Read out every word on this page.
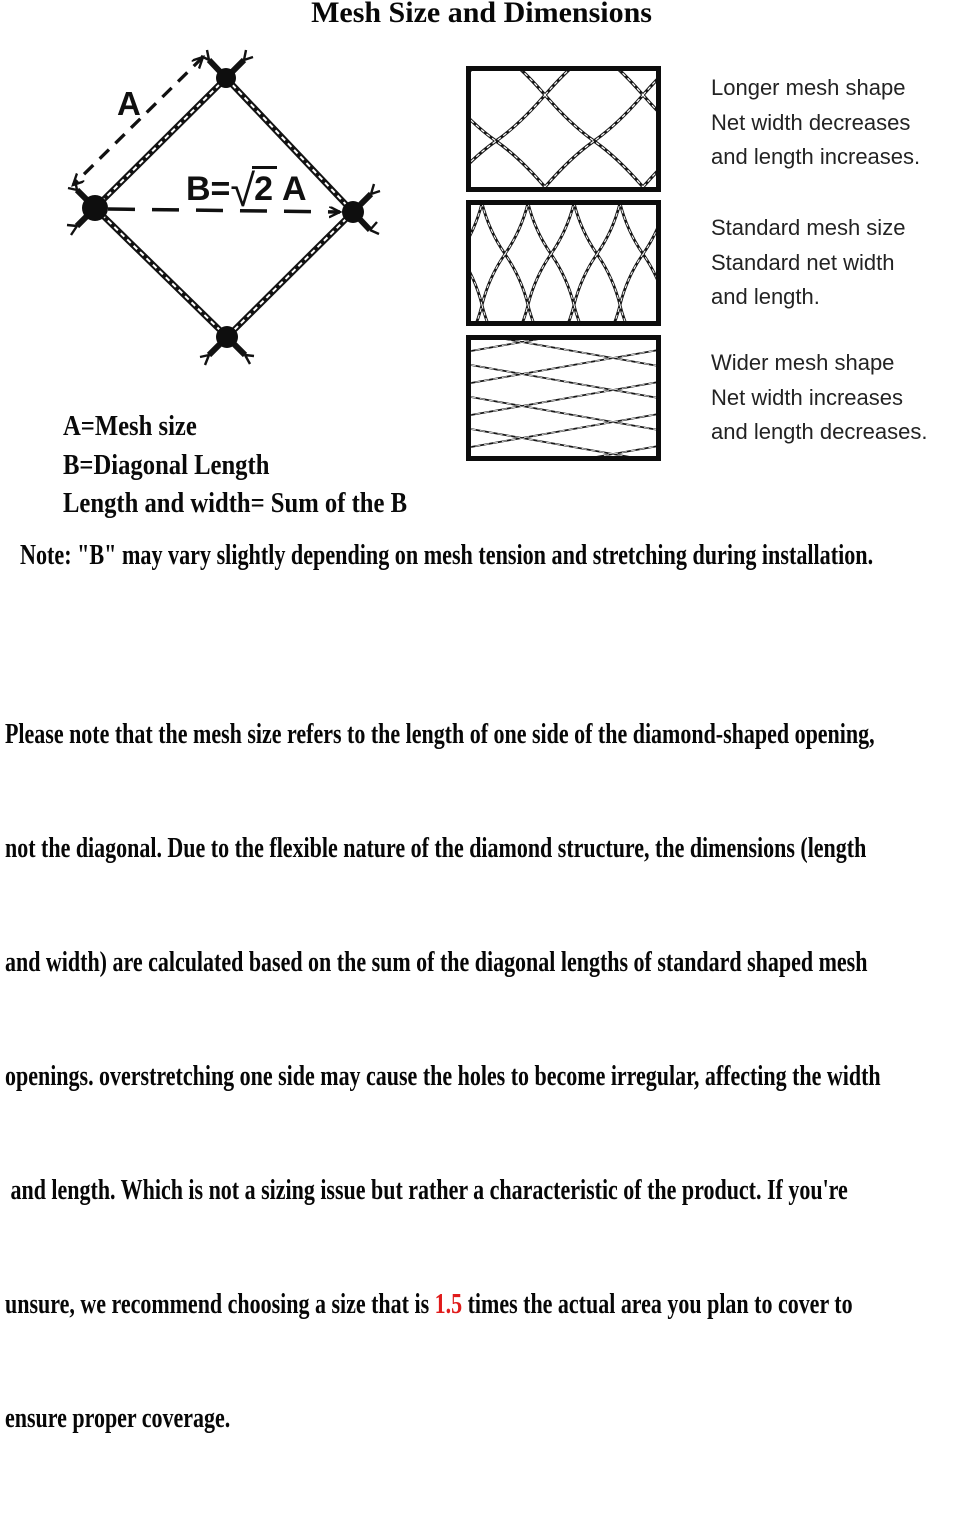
Mesh Size and Dimensions
A
B=√2 A
A=Mesh size
B=Diagonal Length
Length and width= Sum of the B
Longer mesh shape
Net width decreases
and length increases.
Standard mesh size
Standard net width
and length.
Wider mesh shape
Net width increases
and length decreases.
Note: "B" may vary slightly depending on mesh tension and stretching during installation.

Please note that the mesh size refers to the length of one side of the diamond-shaped opening,

not the diagonal. Due to the flexible nature of the diamond structure, the dimensions (length

and width) are calculated based on the sum of the diagonal lengths of standard shaped mesh

openings. overstretching one side may cause the holes to become irregular, affecting the width

and length. Which is not a sizing issue but rather a characteristic of the product. If you're

unsure, we recommend choosing a size that is 1.5 times the actual area you plan to cover to

ensure proper coverage.
